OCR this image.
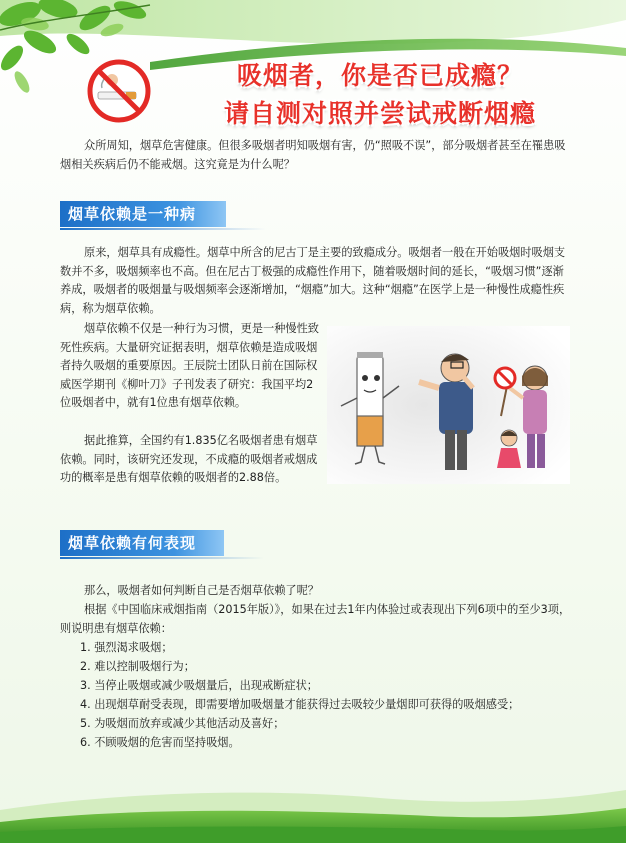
吸烟者，你是否已成瘾？
请自测对照并尝试戒断烟瘾

众所周知，烟草危害健康。但很多吸烟者明知吸烟有害，仍“照吸不误”，部分吸烟者甚至在罹患吸烟相关疾病后仍不能戒烟。这究竟是为什么呢？

烟草依赖是一种病

原来，烟草具有成瘾性。烟草中所含的尼古丁是主要的致瘾成分。吸烟者一般在开始吸烟时吸烟支数并不多，吸烟频率也不高。但在尼古丁极强的成瘾性作用下，随着吸烟时间的延长，“吸烟习惯”逐渐养成，吸烟者的吸烟量与吸烟频率会逐渐增加，“烟瘾”加大。这种“烟瘾”在医学上是一种慢性成瘾性疾病，称为烟草依赖。

烟草依赖不仅是一种行为习惯，更是一种慢性致死性疾病。大量研究证据表明，烟草依赖是造成吸烟者持久吸烟的重要原因。王辰院士团队日前在国际权威医学期刊《柳叶刀》子刊发表了研究：我国平均2位吸烟者中，就有1位患有烟草依赖。

据此推算，全国约有1.835亿名吸烟者患有烟草依赖。同时，该研究还发现，不成瘾的吸烟者戒烟成功的概率是患有烟草依赖的吸烟者的2.88倍。

烟草依赖有何表现

那么，吸烟者如何判断自己是否烟草依赖了呢？

根据《中国临床戒烟指南（2015年版）》，如果在过去1年内体验过或表现出下列6项中的至少3项，则说明患有烟草依赖：

1. 强烈渴求吸烟；
2. 难以控制吸烟行为；
3. 当停止吸烟或减少吸烟量后，出现戒断症状；
4. 出现烟草耐受表现，即需要增加吸烟量才能获得过去吸较少量烟即可获得的吸烟感受；
5. 为吸烟而放弃或减少其他活动及喜好；
6. 不顾吸烟的危害而坚持吸烟。
